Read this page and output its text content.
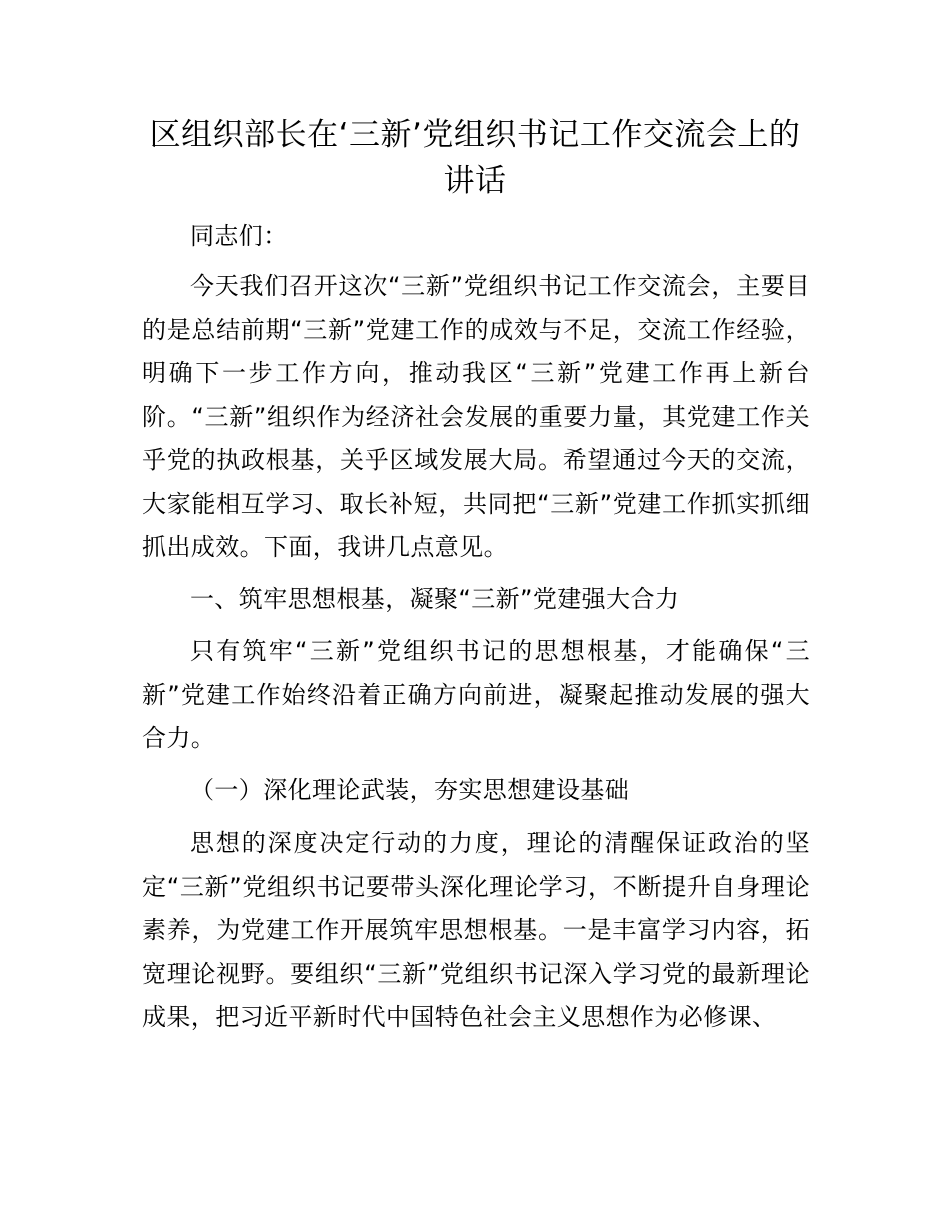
区组织部长在‘三新’党组织书记工作交流会上的讲话

同志们：

今天我们召开这次“三新”党组织书记工作交流会，主要目的是总结前期“三新”党建工作的成效与不足，交流工作经验，明确下一步工作方向，推动我区“三新”党建工作再上新台阶。“三新”组织作为经济社会发展的重要力量，其党建工作关乎党的执政根基，关乎区域发展大局。希望通过今天的交流，大家能相互学习、取长补短，共同把“三新”党建工作抓实抓细抓出成效。下面，我讲几点意见。

一、筑牢思想根基，凝聚“三新”党建强大合力

只有筑牢“三新”党组织书记的思想根基，才能确保“三新”党建工作始终沿着正确方向前进，凝聚起推动发展的强大合力。

（一）深化理论武装，夯实思想建设基础

思想的深度决定行动的力度，理论的清醒保证政治的坚定“三新”党组织书记要带头深化理论学习，不断提升自身理论素养，为党建工作开展筑牢思想根基。一是丰富学习内容，拓宽理论视野。要组织“三新”党组织书记深入学习党的最新理论成果，把习近平新时代中国特色社会主义思想作为必修课、
